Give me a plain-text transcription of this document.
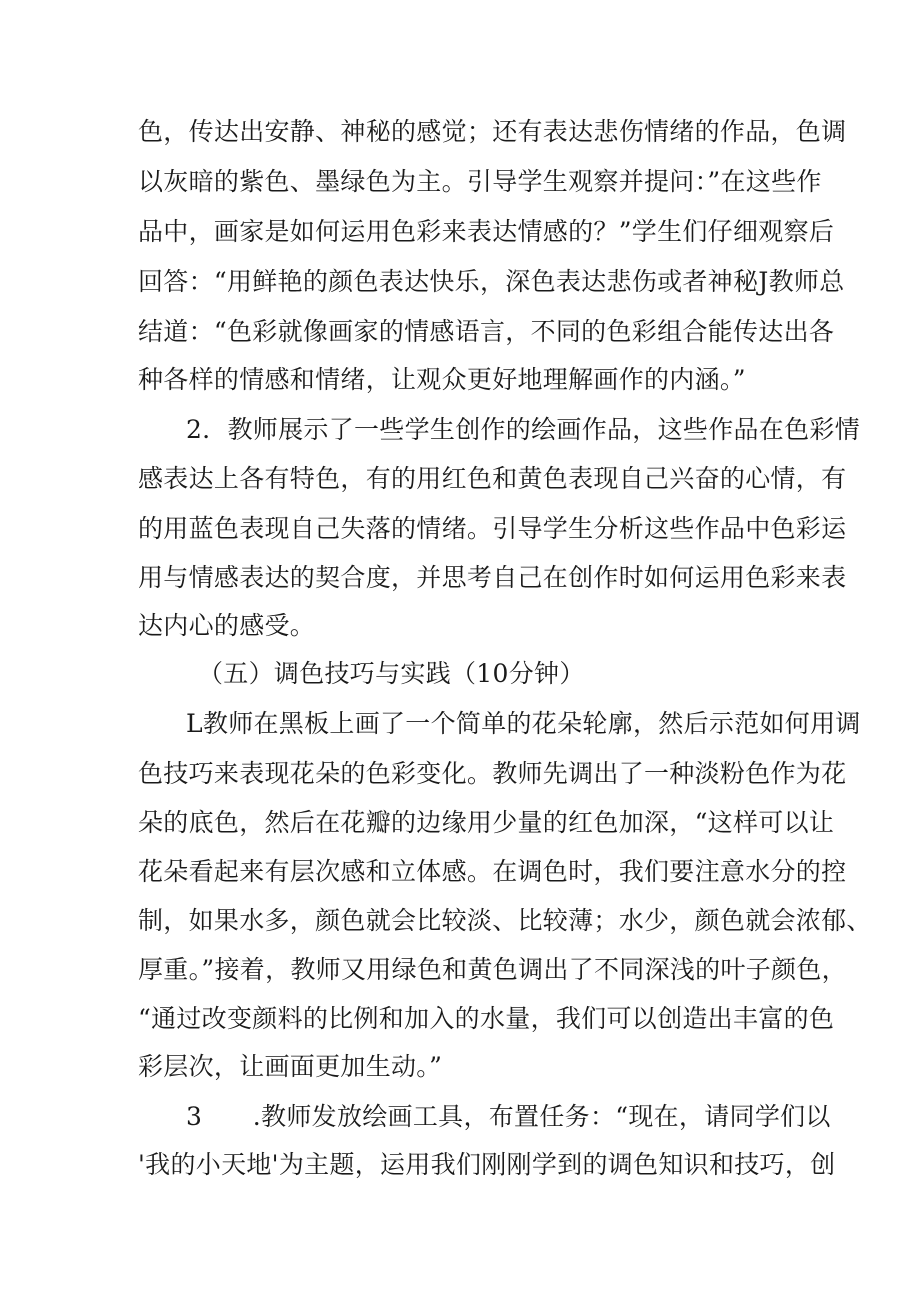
色，传达出安静、神秘的感觉；还有表达悲伤情绪的作品，色调

以灰暗的紫色、墨绿色为主。引导学生观察并提问：”在这些作

品中，画家是如何运用色彩来表达情感的？”学生们仔细观察后

回答：“用鲜艳的颜色表达快乐，深色表达悲伤或者神秘J教师总

结道：“色彩就像画家的情感语言，不同的色彩组合能传达出各

种各样的情感和情绪，让观众更好地理解画作的内涵。”

2．教师展示了一些学生创作的绘画作品，这些作品在色彩情

感表达上各有特色，有的用红色和黄色表现自己兴奋的心情，有

的用蓝色表现自己失落的情绪。引导学生分析这些作品中色彩运

用与情感表达的契合度，并思考自己在创作时如何运用色彩来表

达内心的感受。

（五）调色技巧与实践（10分钟）

L教师在黑板上画了一个简单的花朵轮廓，然后示范如何用调

色技巧来表现花朵的色彩变化。教师先调出了一种淡粉色作为花

朵的底色，然后在花瓣的边缘用少量的红色加深，“这样可以让

花朵看起来有层次感和立体感。在调色时，我们要注意水分的控

制，如果水多，颜色就会比较淡、比较薄；水少，颜色就会浓郁、

厚重。”接着，教师又用绿色和黄色调出了不同深浅的叶子颜色，

“通过改变颜料的比例和加入的水量，我们可以创造出丰富的色

彩层次，让画面更加生动。”

3　　.教师发放绘画工具，布置任务：“现在，请同学们以

'我的小天地'为主题，运用我们刚刚学到的调色知识和技巧，创
